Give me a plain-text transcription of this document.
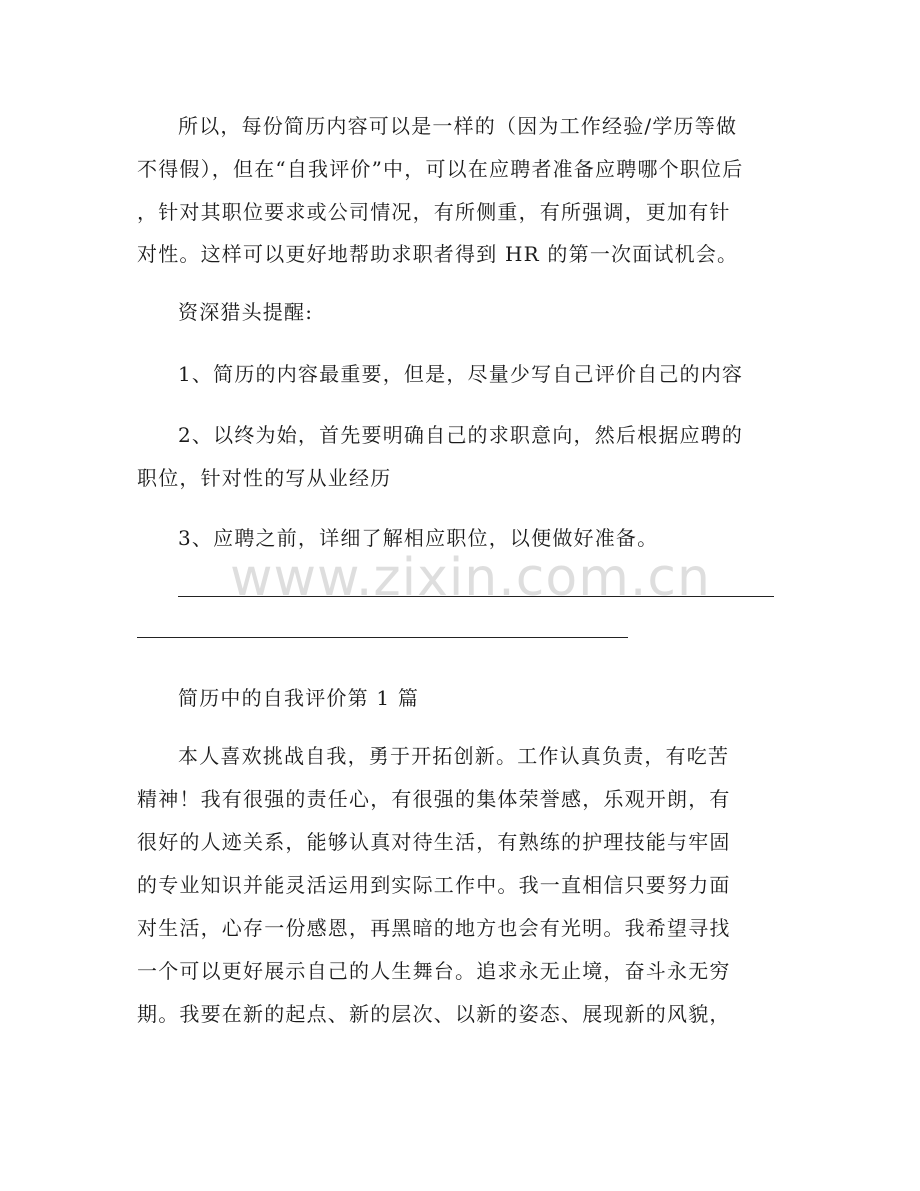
所以，每份简历内容可以是一样的（因为工作经验/学历等做
不得假），但在“自我评价”中，可以在应聘者准备应聘哪个职位后
，针对其职位要求或公司情况，有所侧重，有所强调，更加有针
对性。这样可以更好地帮助求职者得到 HR 的第一次面试机会。
资深猎头提醒:
1、简历的内容最重要，但是，尽量少写自己评价自己的内容
2、以终为始，首先要明确自己的求职意向，然后根据应聘的
职位，针对性的写从业经历
3、应聘之前，详细了解相应职位，以便做好准备。
www.zixin.com.cn
简历中的自我评价第 1 篇
本人喜欢挑战自我，勇于开拓创新。工作认真负责，有吃苦
精神！我有很强的责任心，有很强的集体荣誉感，乐观开朗，有
很好的人迹关系，能够认真对待生活，有熟练的护理技能与牢固
的专业知识并能灵活运用到实际工作中。我一直相信只要努力面
对生活，心存一份感恩，再黑暗的地方也会有光明。我希望寻找
一个可以更好展示自己的人生舞台。追求永无止境，奋斗永无穷
期。我要在新的起点、新的层次、以新的姿态、展现新的风貌，
